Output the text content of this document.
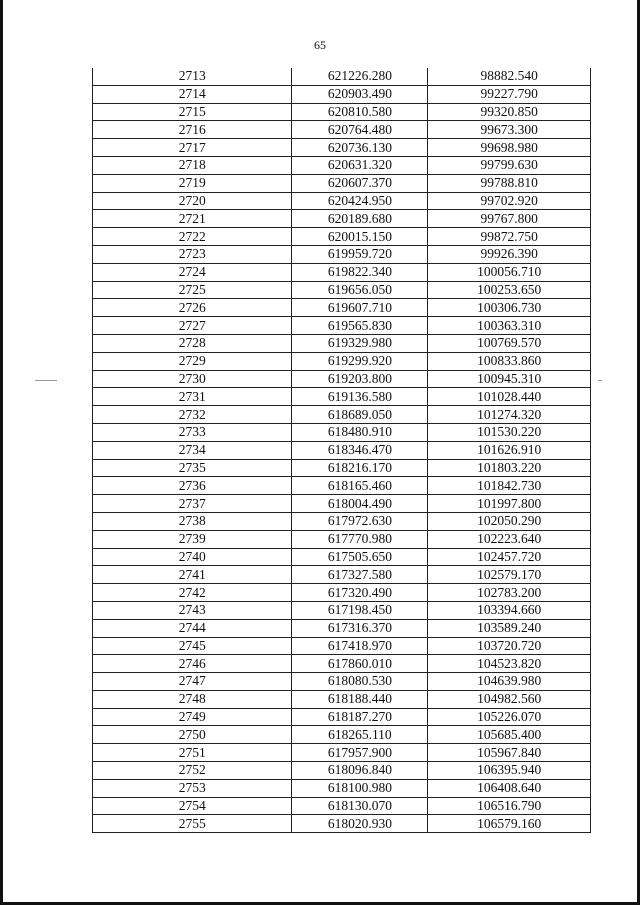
65
2713	621226.280	98882.540
2714	620903.490	99227.790
2715	620810.580	99320.850
2716	620764.480	99673.300
2717	620736.130	99698.980
2718	620631.320	99799.630
2719	620607.370	99788.810
2720	620424.950	99702.920
2721	620189.680	99767.800
2722	620015.150	99872.750
2723	619959.720	99926.390
2724	619822.340	100056.710
2725	619656.050	100253.650
2726	619607.710	100306.730
2727	619565.830	100363.310
2728	619329.980	100769.570
2729	619299.920	100833.860
2730	619203.800	100945.310
2731	619136.580	101028.440
2732	618689.050	101274.320
2733	618480.910	101530.220
2734	618346.470	101626.910
2735	618216.170	101803.220
2736	618165.460	101842.730
2737	618004.490	101997.800
2738	617972.630	102050.290
2739	617770.980	102223.640
2740	617505.650	102457.720
2741	617327.580	102579.170
2742	617320.490	102783.200
2743	617198.450	103394.660
2744	617316.370	103589.240
2745	617418.970	103720.720
2746	617860.010	104523.820
2747	618080.530	104639.980
2748	618188.440	104982.560
2749	618187.270	105226.070
2750	618265.110	105685.400
2751	617957.900	105967.840
2752	618096.840	106395.940
2753	618100.980	106408.640
2754	618130.070	106516.790
2755	618020.930	106579.160
